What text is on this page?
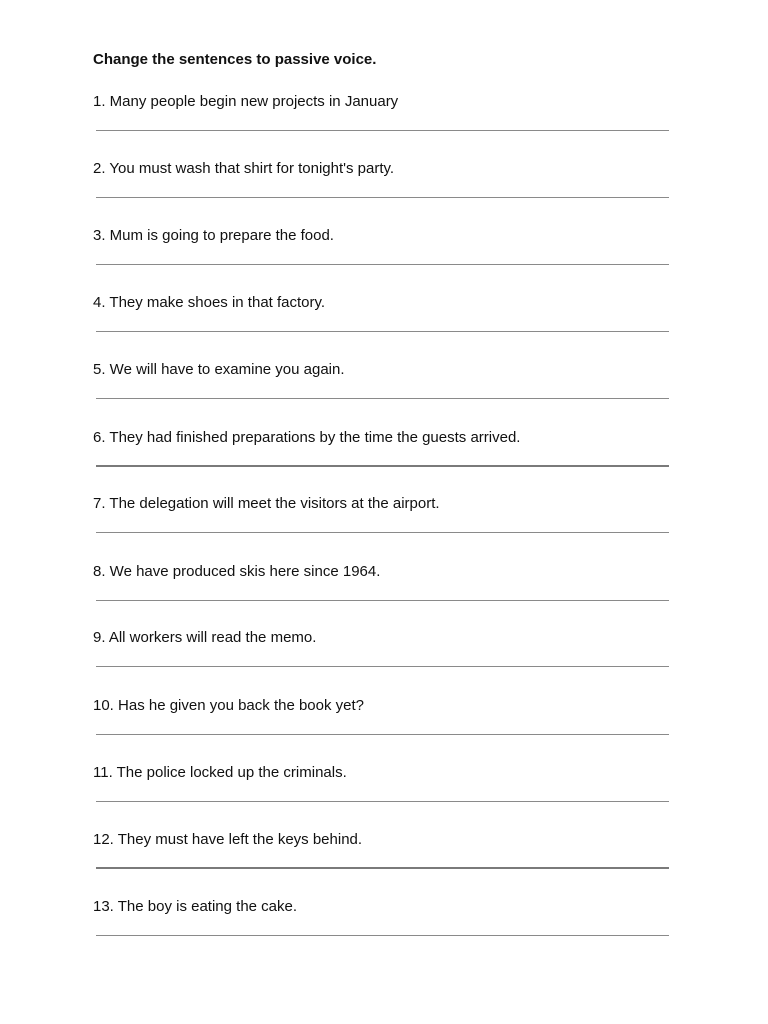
Change the sentences to passive voice.
1. Many people begin new projects in January
2. You must wash that shirt for tonight's party.
3. Mum is going to prepare the food.
4. They make shoes in that factory.
5. We will have to examine you again.
6. They had finished preparations by the time the guests arrived.
7. The delegation will meet the visitors at the airport.
8. We have produced skis here since 1964.
9. All workers will read the memo.
10. Has he given you back the book yet?
11. The police locked up the criminals.
12. They must have left the keys behind.
13. The boy is eating the cake.
